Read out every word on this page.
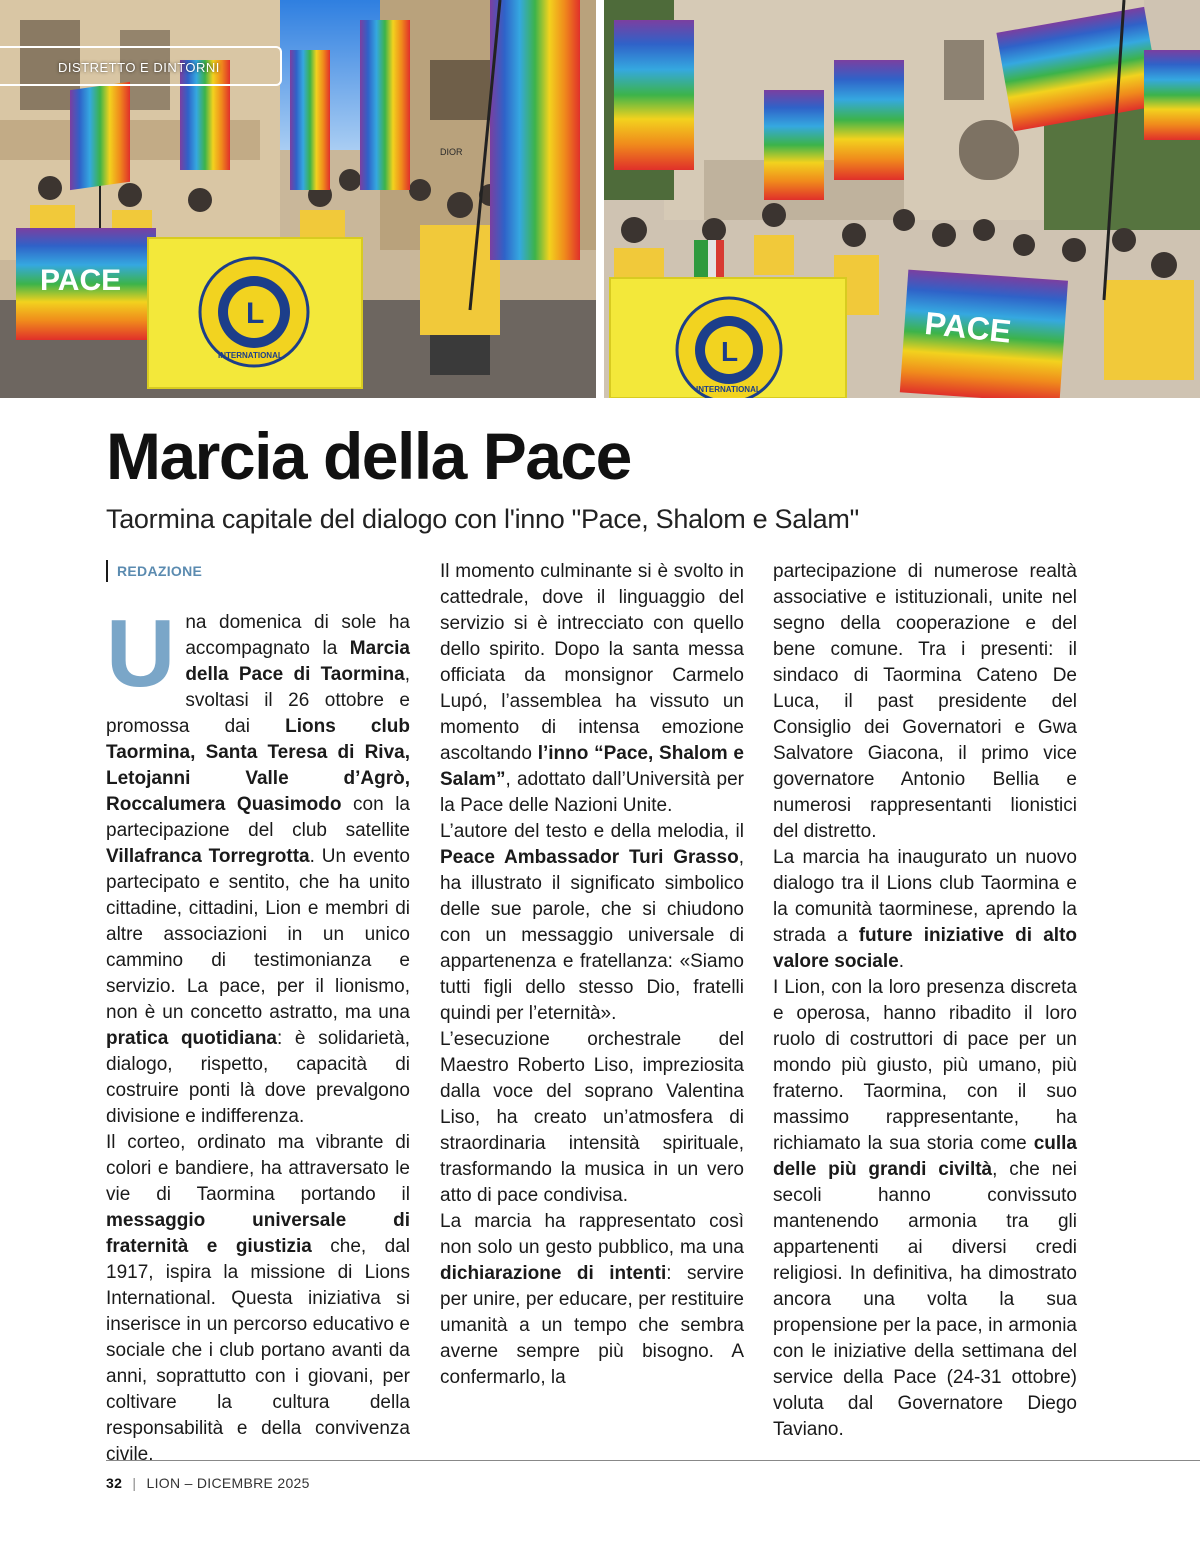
PACE
L
LIONS
INTERNATIONAL
DIOR
L
LIONS
INTERNATIONAL
PACE
DISTRETTO E DINTORNI
Marcia della Pace

Taormina capitale del dialogo con l'inno "Pace, Shalom e Salam"

REDAZIONE
U na domenica di sole ha accompagnato la Marcia della Pace di Taormina, svoltasi il 26 ottobre e promossa dai Lions club Taormina, Santa Teresa di Riva, Letojanni Valle d’Agrò, Roccalumera Quasimodo con la partecipazione del club satellite Villafranca Torregrotta. Un evento partecipato e sentito, che ha unito cittadine, cittadini, Lion e membri di altre associazioni in un unico cammino di testimonianza e servizio. La pace, per il lionismo, non è un concetto astratto, ma una pratica quotidiana: è solidarietà, dialogo, rispetto, capacità di costruire ponti là dove prevalgono divisione e indifferenza.

Il corteo, ordinato ma vibrante di colori e bandiere, ha attraversato le vie di Taormina portando il messaggio universale di fraternità e giustizia che, dal 1917, ispira la missione di Lions International. Questa iniziativa si inserisce in un percorso educativo e sociale che i club portano avanti da anni, soprattutto con i giovani, per coltivare la cultura della responsabilità e della convivenza civile.

Il momento culminante si è svolto in cattedrale, dove il linguaggio del servizio si è intrecciato con quello dello spirito. Dopo la santa messa officiata da monsignor Carmelo Lupó, l’assemblea ha vissuto un momento di intensa emozione ascoltando l’inno “Pace, Shalom e Salam”, adottato dall’Università per la Pace delle Nazioni Unite.

L’autore del testo e della melodia, il Peace Ambassador Turi Grasso, ha illustrato il significato simbolico delle sue parole, che si chiudono con un messaggio universale di appartenenza e fratellanza: «Siamo tutti figli dello stesso Dio, fratelli quindi per l’eternità».

L’esecuzione orchestrale del Maestro Roberto Liso, impreziosita dalla voce del soprano Valentina Liso, ha creato un’atmosfera di straordinaria intensità spirituale, trasformando la musica in un vero atto di pace condivisa.

La marcia ha rappresentato così non solo un gesto pubblico, ma una dichiarazione di intenti: servire per unire, per educare, per restituire umanità a un tempo che sembra averne sempre più bisogno. A confermarlo, la

partecipazione di numerose realtà associative e istituzionali, unite nel segno della cooperazione e del bene comune. Tra i presenti: il sindaco di Taormina Cateno De Luca, il past presidente del Consiglio dei Governatori e Gwa Salvatore Giacona, il primo vice governatore Antonio Bellia e numerosi rappresentanti lionistici del distretto.

La marcia ha inaugurato un nuovo dialogo tra il Lions club Taormina e la comunità taorminese, aprendo la strada a future iniziative di alto valore sociale.

I Lion, con la loro presenza discreta e operosa, hanno ribadito il loro ruolo di costruttori di pace per un mondo più giusto, più umano, più fraterno. Taormina, con il suo massimo rappresentante, ha richiamato la sua storia come culla delle più grandi civiltà, che nei secoli hanno convissuto mantenendo armonia tra gli appartenenti ai diversi credi religiosi. In definitiva, ha dimostrato ancora una volta la sua propensione per la pace, in armonia con le iniziative della settimana del service della Pace (24-31 ottobre) voluta dal Governatore Diego Taviano.

32 | LION – DICEMBRE 2025
